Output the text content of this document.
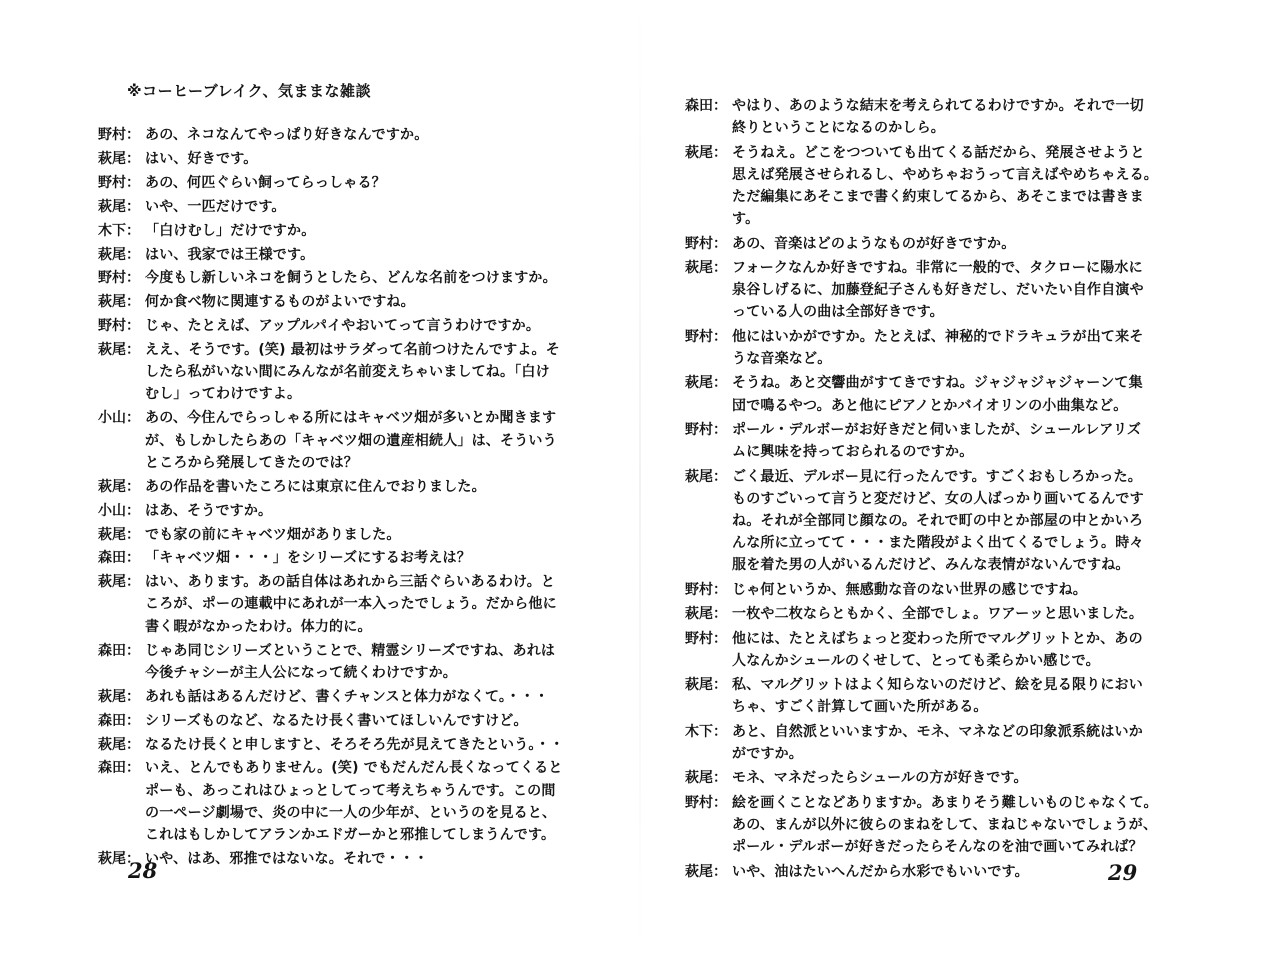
※コーヒーブレイク、気ままな雑談
野村： あの、ネコなんてやっぱり好きなんですか。
萩尾： はい、好きです。
野村： あの、何匹ぐらい飼ってらっしゃる？
萩尾： いや、一匹だけです。
木下： 「白けむし」だけですか。
萩尾： はい、我家では王様です。
野村： 今度もし新しいネコを飼うとしたら、どんな名前をつけますか。
萩尾： 何か食べ物に関連するものがよいですね。
野村： じゃ、たとえば、アップルパイやおいてって言うわけですか。
萩尾： ええ、そうです。(笑) 最初はサラダって名前つけたんですよ。そ
したら私がいない間にみんなが名前変えちゃいましてね。「白け
むし」ってわけですよ。
小山： あの、今住んでらっしゃる所にはキャベツ畑が多いとか聞きます
が、もしかしたらあの「キャベツ畑の遺産相続人」は、そういう
ところから発展してきたのでは？
萩尾： あの作品を書いたころには東京に住んでおりました。
小山： はあ、そうですか。
萩尾： でも家の前にキャベツ畑がありました。
森田： 「キャベツ畑・・・」をシリーズにするお考えは？
萩尾： はい、あります。あの話自体はあれから三話ぐらいあるわけ。と
ころが、ポーの連載中にあれが一本入ったでしょう。だから他に
書く暇がなかったわけ。体力的に。
森田： じゃあ同じシリーズということで、精霊シリーズですね、あれは
今後チャシーが主人公になって続くわけですか。
萩尾： あれも話はあるんだけど、書くチャンスと体力がなくて。・・・
森田： シリーズものなど、なるたけ長く書いてほしいんですけど。
萩尾： なるたけ長くと申しますと、そろそろ先が見えてきたという。・・
森田： いえ、とんでもありません。(笑) でもだんだん長くなってくると
ポーも、あっこれはひょっとしてって考えちゃうんです。この間
の一ページ劇場で、炎の中に一人の少年が、というのを見ると、
これはもしかしてアランかエドガーかと邪推してしまうんです。
萩尾： いや、はあ、邪推ではないな。それで・・・
28
森田： やはり、あのような結末を考えられてるわけですか。それで一切
終りということになるのかしら。
萩尾： そうねえ。どこをつついても出てくる話だから、発展させようと
思えば発展させられるし、やめちゃおうって言えばやめちゃえる。
ただ編集にあそこまで書く約束してるから、あそこまでは書きま
す。
野村： あの、音楽はどのようなものが好きですか。
萩尾： フォークなんか好きですね。非常に一般的で、タクローに陽水に
泉谷しげるに、加藤登紀子さんも好きだし、だいたい自作自演や
っている人の曲は全部好きです。
野村： 他にはいかがですか。たとえば、神秘的でドラキュラが出て来そ
うな音楽など。
萩尾： そうね。あと交響曲がすてきですね。ジャジャジャジャーンて集
団で鳴るやつ。あと他にピアノとかバイオリンの小曲集など。
野村： ポール・デルボーがお好きだと伺いましたが、シュールレアリズ
ムに興味を持っておられるのですか。
萩尾： ごく最近、デルボー見に行ったんです。すごくおもしろかった。
ものすごいって言うと変だけど、女の人ばっかり画いてるんです
ね。それが全部同じ顔なの。それで町の中とか部屋の中とかいろ
んな所に立ってて・・・また階段がよく出てくるでしょう。時々
服を着た男の人がいるんだけど、みんな表情がないんですね。
野村： じゃ何というか、無感動な音のない世界の感じですね。
萩尾： 一枚や二枚ならともかく、全部でしょ。ワアーッと思いました。
野村： 他には、たとえばちょっと変わった所でマルグリットとか、あの
人なんかシュールのくせして、とっても柔らかい感じで。
萩尾： 私、マルグリットはよく知らないのだけど、絵を見る限りにおい
ちゃ、すごく計算して画いた所がある。
木下： あと、自然派といいますか、モネ、マネなどの印象派系統はいか
がですか。
萩尾： モネ、マネだったらシュールの方が好きです。
野村： 絵を画くことなどありますか。あまりそう難しいものじゃなくて。
あの、まんが以外に彼らのまねをして、まねじゃないでしょうが、
ポール・デルボーが好きだったらそんなのを油で画いてみれば？
萩尾： いや、油はたいへんだから水彩でもいいです。	29
